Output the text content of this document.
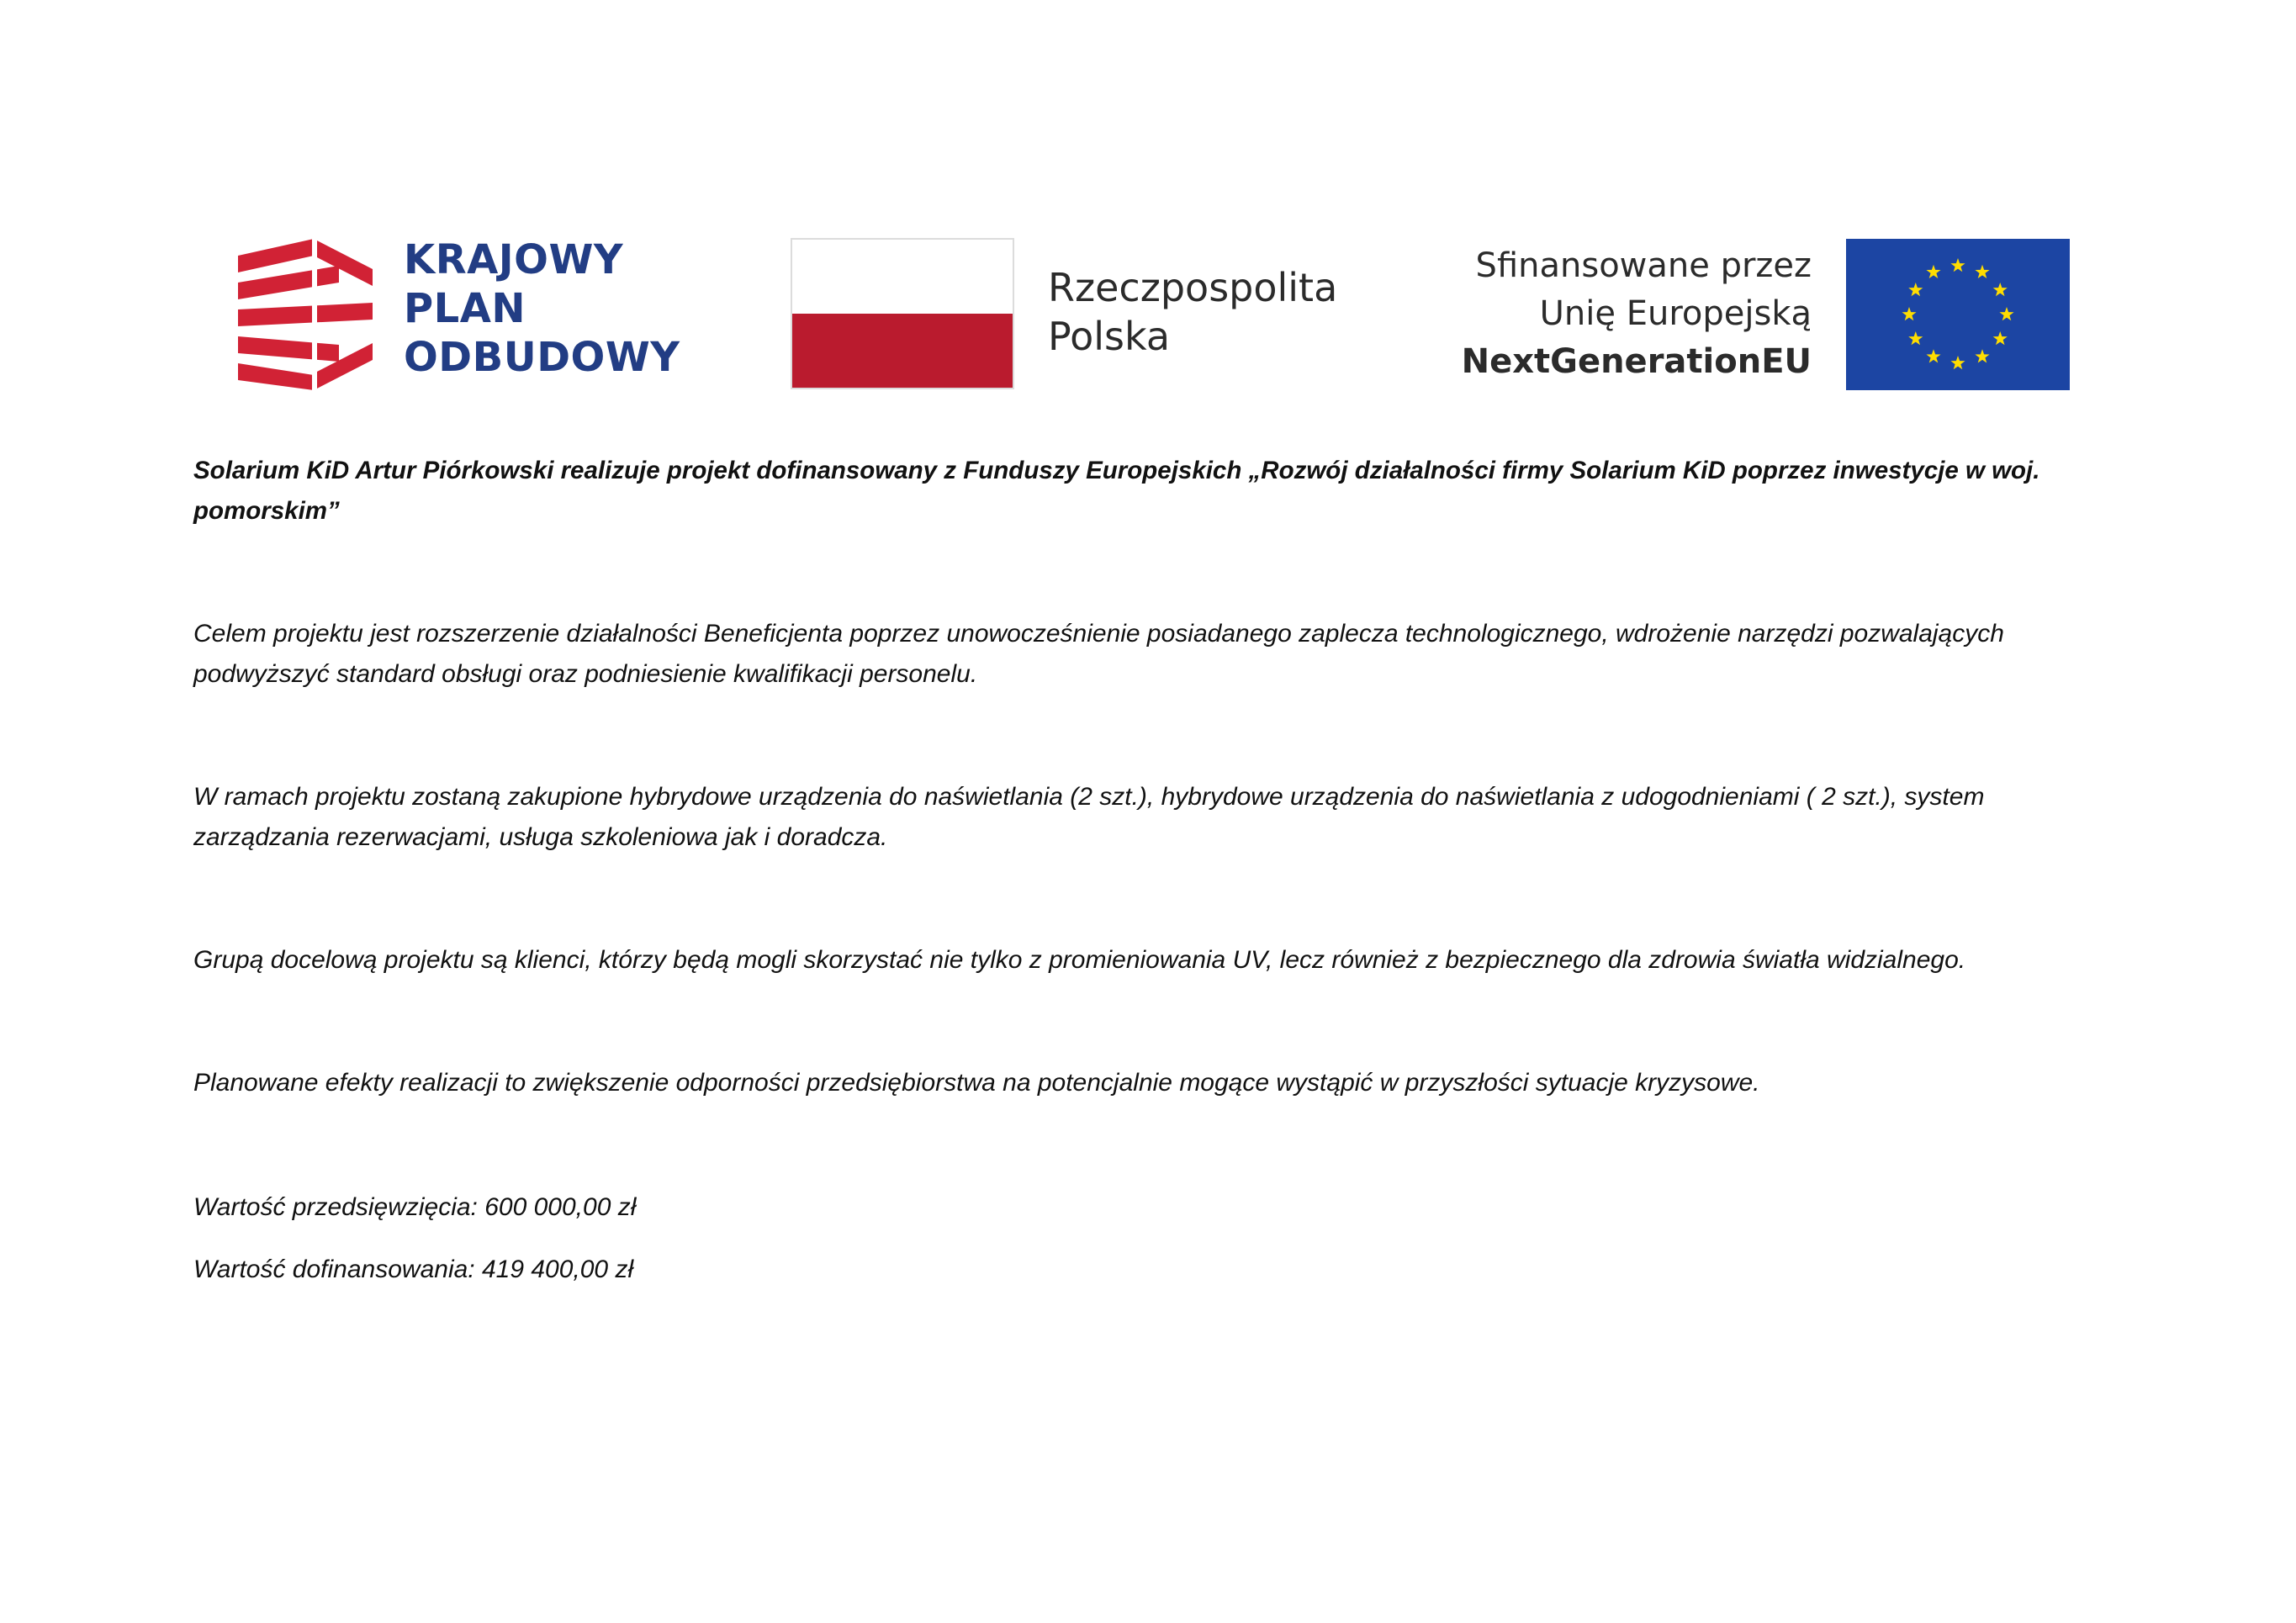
KRAJOWY
PLAN
ODBUDOWY
Rzeczpospolita
Polska
Sfinansowane przez
Unię Europejską
NextGenerationEU

Solarium KiD Artur Piórkowski realizuje projekt dofinansowany z Funduszy Europejskich „Rozwój działalności firmy Solarium KiD poprzez inwestycje w woj. pomorskim”

Celem projektu jest rozszerzenie działalności Beneficjenta poprzez unowocześnienie posiadanego zaplecza technologicznego, wdrożenie narzędzi pozwalających podwyższyć standard obsługi oraz podniesienie kwalifikacji personelu.

W ramach projektu zostaną zakupione hybrydowe urządzenia do naświetlania (2 szt.), hybrydowe urządzenia do naświetlania z udogodnieniami ( 2 szt.), system zarządzania rezerwacjami, usługa szkoleniowa jak i doradcza.

Grupą docelową projektu są klienci, którzy będą mogli skorzystać nie tylko z promieniowania UV, lecz również z bezpiecznego dla zdrowia światła widzialnego.

Planowane efekty realizacji to zwiększenie odporności przedsiębiorstwa na potencjalnie mogące wystąpić w przyszłości sytuacje kryzysowe.

Wartość przedsięwzięcia: 600 000,00 zł

Wartość dofinansowania: 419 400,00 zł
